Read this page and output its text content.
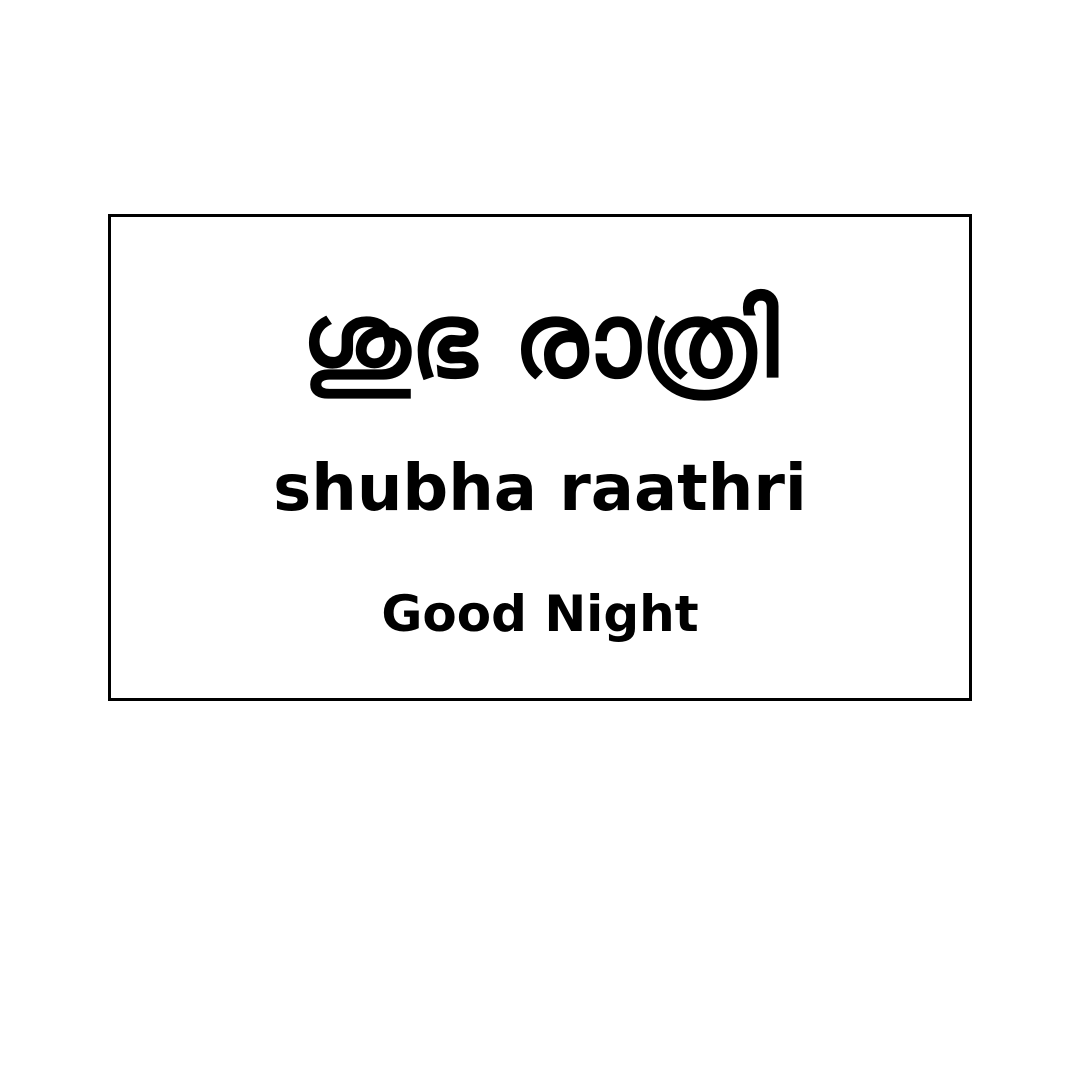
ശുഭ രാത്രി
shubha raathri
Good Night
